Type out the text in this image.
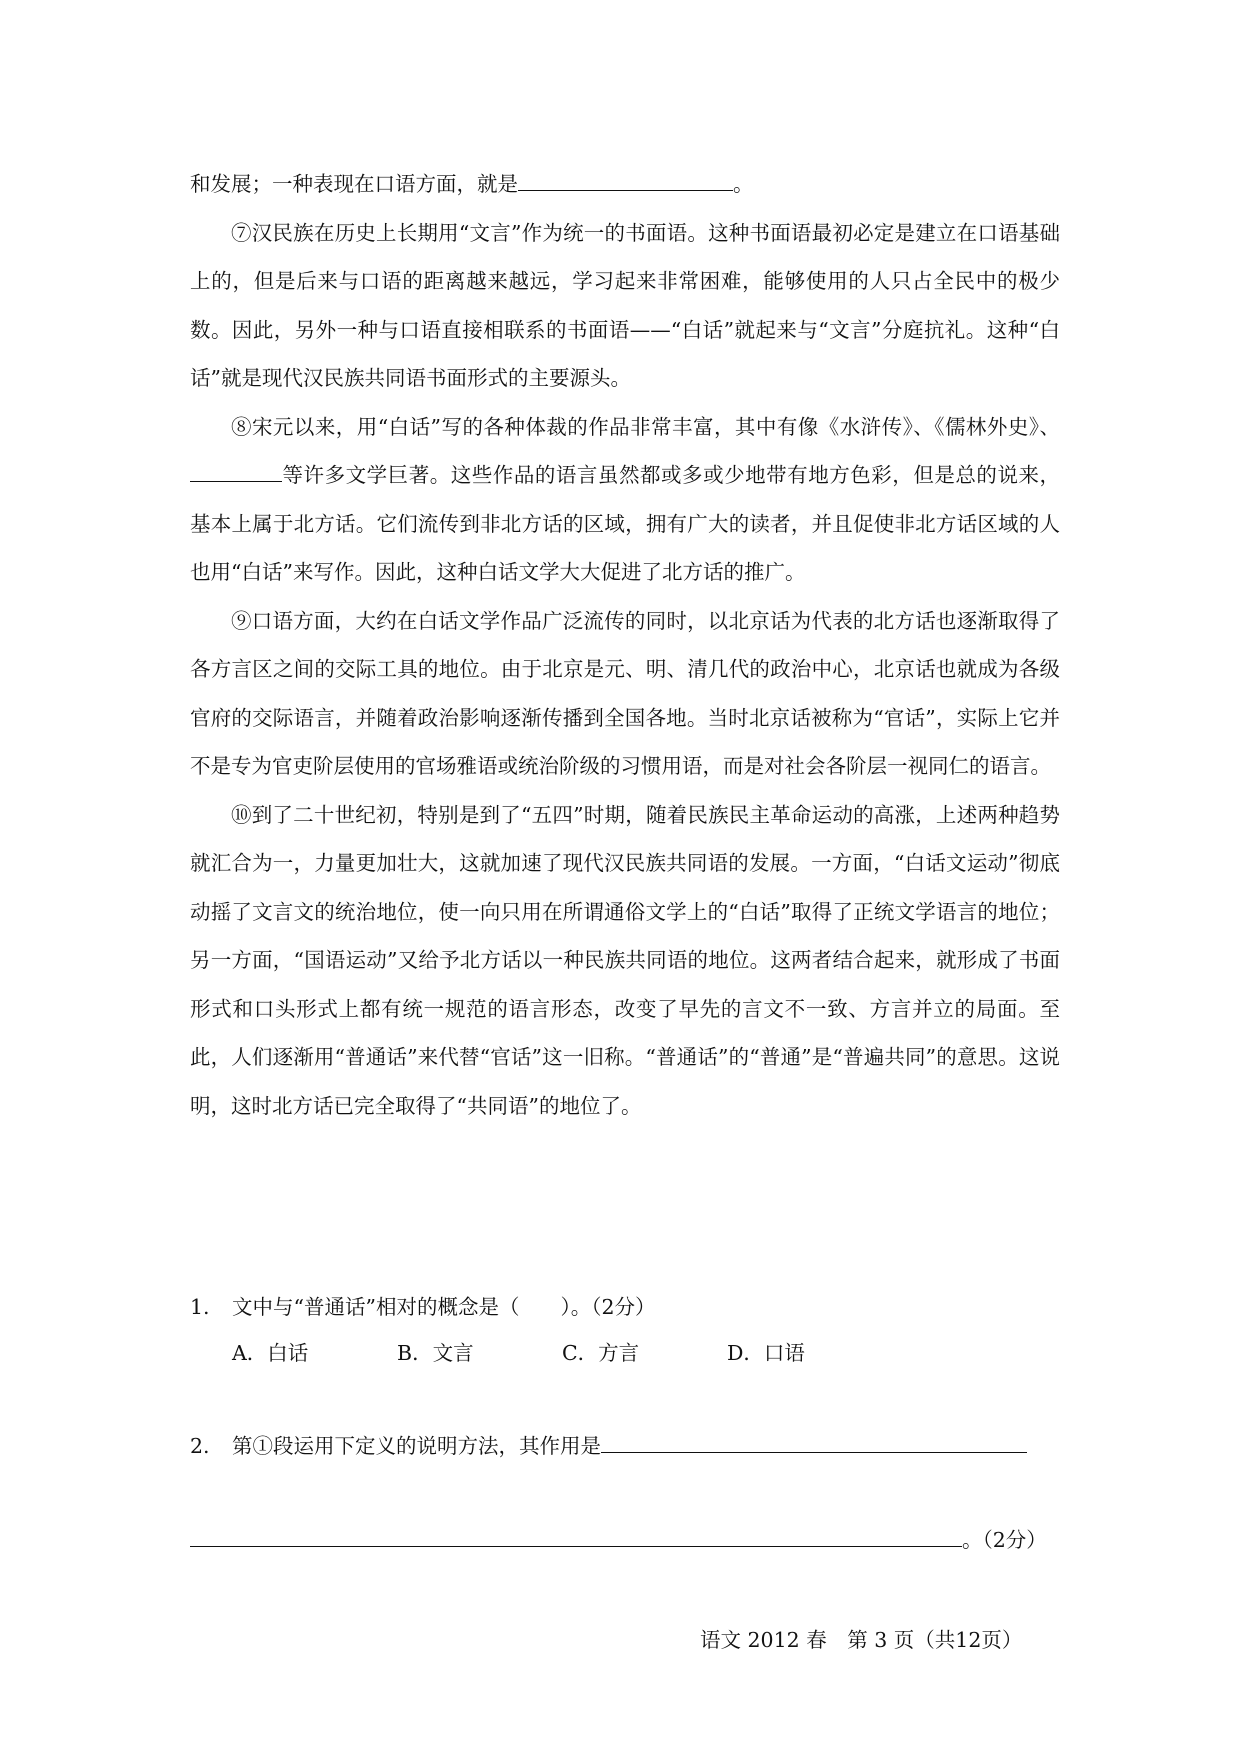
和发展；一种表现在口语方面，就是	。

⑦汉民族在历史上长期用“文言”作为统一的书面语。这种书面语最初必定是建立在口语基础上的，但是后来与口语的距离越来越远，学习起来非常困难，能够使用的人只占全民中的极少数。因此，另外一种与口语直接相联系的书面语——“白话”就起来与“文言”分庭抗礼。这种“白话”就是现代汉民族共同语书面形式的主要源头。

⑧宋元以来，用“白话”写的各种体裁的作品非常丰富，其中有像《水浒传》、《儒林外史》、等许多文学巨著。这些作品的语言虽然都或多或少地带有地方色彩，但是总的说来，基本上属于北方话。它们流传到非北方话的区域，拥有广大的读者，并且促使非北方话区域的人也用“白话”来写作。因此，这种白话文学大大促进了北方话的推广。

⑨口语方面，大约在白话文学作品广泛流传的同时，以北京话为代表的北方话也逐渐取得了各方言区之间的交际工具的地位。由于北京是元、明、清几代的政治中心，北京话也就成为各级官府的交际语言，并随着政治影响逐渐传播到全国各地。当时北京话被称为“官话”，实际上它并不是专为官吏阶层使用的官场雅语或统治阶级的习惯用语，而是对社会各阶层一视同仁的语言。

⑩到了二十世纪初，特别是到了“五四”时期，随着民族民主革命运动的高涨，上述两种趋势就汇合为一，力量更加壮大，这就加速了现代汉民族共同语的发展。一方面，“白话文运动”彻底动摇了文言文的统治地位，使一向只用在所谓通俗文学上的“白话”取得了正统文学语言的地位；另一方面，“国语运动”又给予北方话以一种民族共同语的地位。这两者结合起来，就形成了书面形式和口头形式上都有统一规范的语言形态，改变了早先的言文不一致、方言并立的局面。至此，人们逐渐用“普通话”来代替“官话”这一旧称。“普通话”的“普通”是“普遍共同”的意思。这说明，这时北方话已完全取得了“共同语”的地位了。

1. 文中与“普通话”相对的概念是（　　）。（2分）
A．白话	B．文言	C．方言	D．口语
2. 第①段运用下定义的说明方法，其作用是
。（2分）
语文 2012 春　第 3 页（共12页）
